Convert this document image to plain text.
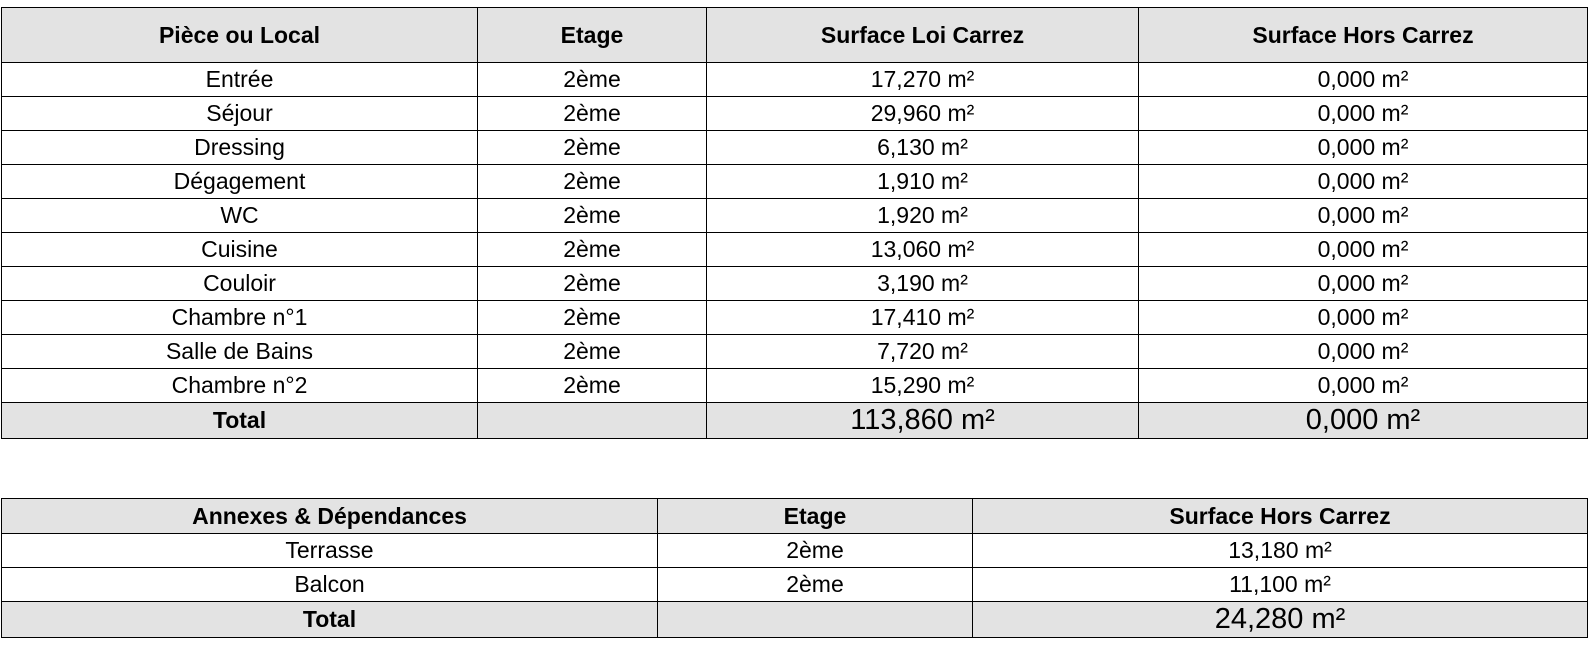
Pièce ou Local	Etage	Surface Loi Carrez	Surface Hors Carrez
Entrée	2ème	17,270 m²	0,000 m²
Séjour	2ème	29,960 m²	0,000 m²
Dressing	2ème	6,130 m²	0,000 m²
Dégagement	2ème	1,910 m²	0,000 m²
WC	2ème	1,920 m²	0,000 m²
Cuisine	2ème	13,060 m²	0,000 m²
Couloir	2ème	3,190 m²	0,000 m²
Chambre n°1	2ème	17,410 m²	0,000 m²
Salle de Bains	2ème	7,720 m²	0,000 m²
Chambre n°2	2ème	15,290 m²	0,000 m²
Total		113,860 m²	0,000 m²
Annexes & Dépendances	Etage	Surface Hors Carrez
Terrasse	2ème	13,180 m²
Balcon	2ème	11,100 m²
Total		24,280 m²
